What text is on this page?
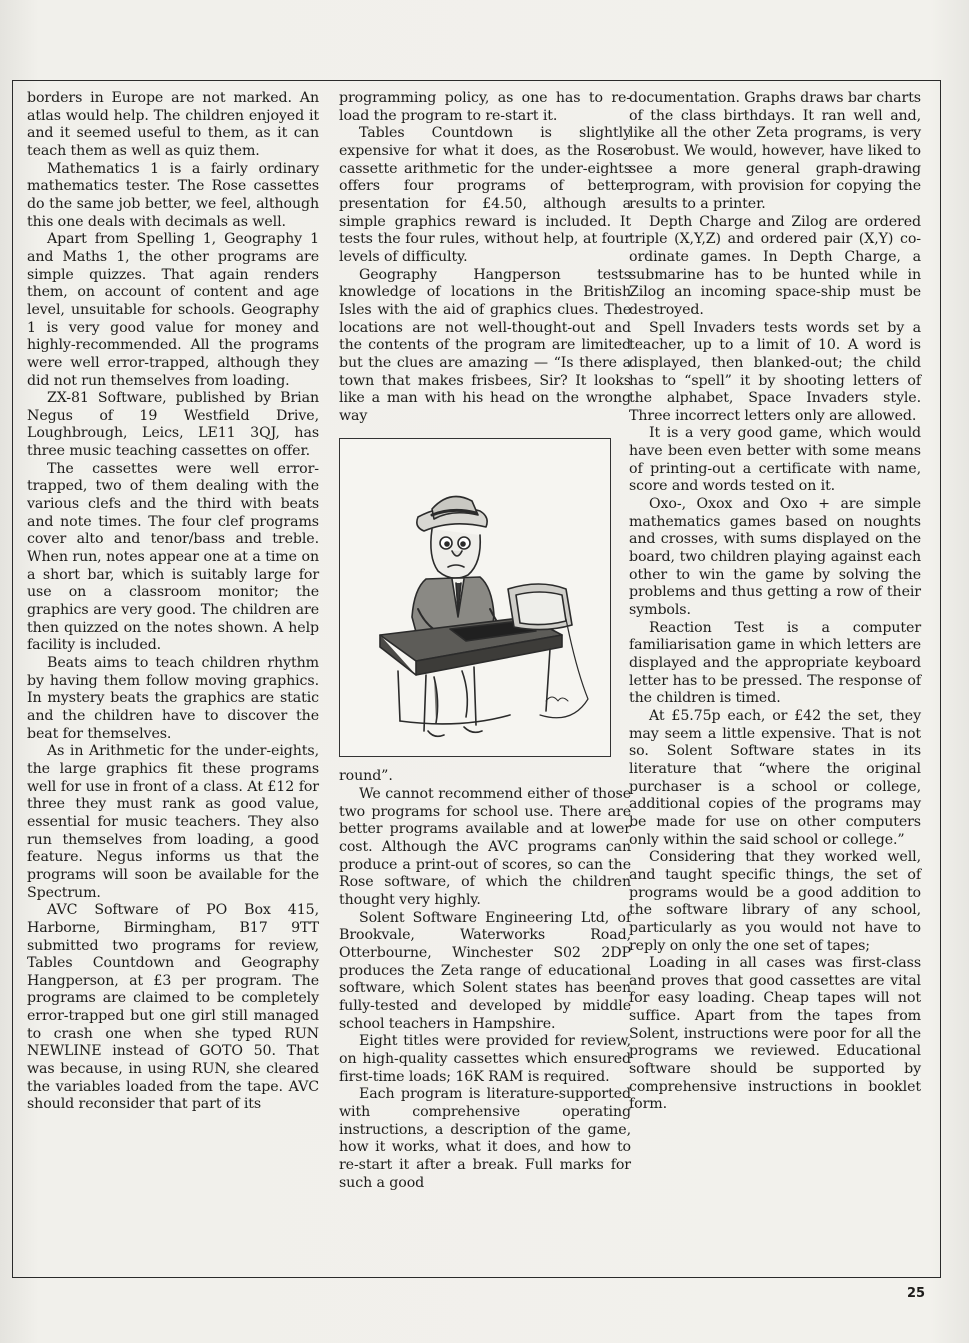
borders in Europe are not marked. An atlas would help. The children enjoyed it and it seemed useful to them, as it can teach them as well as quiz them.

Mathematics 1 is a fairly ordinary mathematics tester. The Rose cassettes do the same job better, we feel, although this one deals with decimals as well.

Apart from Spelling 1, Geography 1 and Maths 1, the other programs are simple quizzes. That again renders them, on account of content and age level, unsuitable for schools. Geography 1 is very good value for money and highly-recommended. All the programs were well error-trapped, although they did not run themselves from loading.

ZX-81 Software, published by Brian Negus of 19 Westfield Drive, Loughbrough, Leics, LE11 3QJ, has three music teaching cassettes on offer.

The cassettes were well error-trapped, two of them dealing with the various clefs and the third with beats and note times. The four clef programs cover alto and tenor/bass and treble. When run, notes appear one at a time on a short bar, which is suitably large for use on a classroom monitor; the graphics are very good. The children are then quizzed on the notes shown. A help facility is included.

Beats aims to teach children rhythm by having them follow moving graphics. In mystery beats the graphics are static and the children have to discover the beat for themselves.

As in Arithmetic for the under-eights, the large graphics fit these programs well for use in front of a class. At £12 for three they must rank as good value, essential for music teachers. They also run themselves from loading, a good feature. Negus informs us that the programs will soon be available for the Spectrum.

AVC Software of PO Box 415, Harborne, Birmingham, B17 9TT submitted two programs for review, Tables Countdown and Geography Hangperson, at £3 per program. The programs are claimed to be completely error-trapped but one girl still managed to crash one when she typed RUN NEWLINE instead of GOTO 50. That was because, in using RUN, she cleared the variables loaded from the tape. AVC should reconsider that part of its

programming policy, as one has to re-load the program to re-start it.

Tables Countdown is slightly expensive for what it does, as the Rose cassette arithmetic for the under-eights offers four programs of better presentation for £4.50, although a simple graphics reward is included. It tests the four rules, without help, at four levels of difficulty.

Geography Hangperson tests knowledge of locations in the British Isles with the aid of graphics clues. The locations are not well-thought-out and the contents of the program are limited but the clues are amazing — “Is there a town that makes frisbees, Sir? It looks like a man with his head on the wrong way

round”.

We cannot recommend either of those two programs for school use. There are better programs available and at lower cost. Although the AVC programs can produce a print-out of scores, so can the Rose software, of which the children thought very highly.

Solent Software Engineering Ltd, of Brookvale, Waterworks Road, Otterbourne, Winchester S02 2DP produces the Zeta range of educational software, which Solent states has been fully-tested and developed by middle school teachers in Hampshire.

Eight titles were provided for review, on high-quality cassettes which ensured first-time loads; 16K RAM is required.

Each program is literature-supported with comprehensive operating instructions, a description of the game, how it works, what it does, and how to re-start it after a break. Full marks for such a good

documentation. Graphs draws bar charts of the class birthdays. It ran well and, like all the other Zeta programs, is very robust. We would, however, have liked to see a more general graph-drawing program, with provision for copying the results to a printer.

Depth Charge and Zilog are ordered triple (X,Y,Z) and ordered pair (X,Y) co-ordinate games. In Depth Charge, a submarine has to be hunted while in Zilog an incoming space-ship must be destroyed.

Spell Invaders tests words set by a teacher, up to a limit of 10. A word is displayed, then blanked-out; the child has to “spell” it by shooting letters of the alphabet, Space Invaders style. Three incorrect letters only are allowed.

It is a very good game, which would have been even better with some means of printing-out a certificate with name, score and words tested on it.

Oxo-, Oxox and Oxo + are simple mathematics games based on noughts and crosses, with sums displayed on the board, two children playing against each other to win the game by solving the problems and thus getting a row of their symbols.

Reaction Test is a computer familiarisation game in which letters are displayed and the appropriate keyboard letter has to be pressed. The response of the children is timed.

At £5.75p each, or £42 the set, they may seem a little expensive. That is not so. Solent Software states in its literature that “where the original purchaser is a school or college, additional copies of the programs may be made for use on other computers only within the said school or college.”

Considering that they worked well, and taught specific things, the set of programs would be a good addition to the software library of any school, particularly as you would not have to reply on only the one set of tapes;

Loading in all cases was first-class and proves that good cassettes are vital for easy loading. Cheap tapes will not suffice. Apart from the tapes from Solent, instructions were poor for all the programs we reviewed. Educational software should be supported by comprehensive instructions in booklet form.

25
